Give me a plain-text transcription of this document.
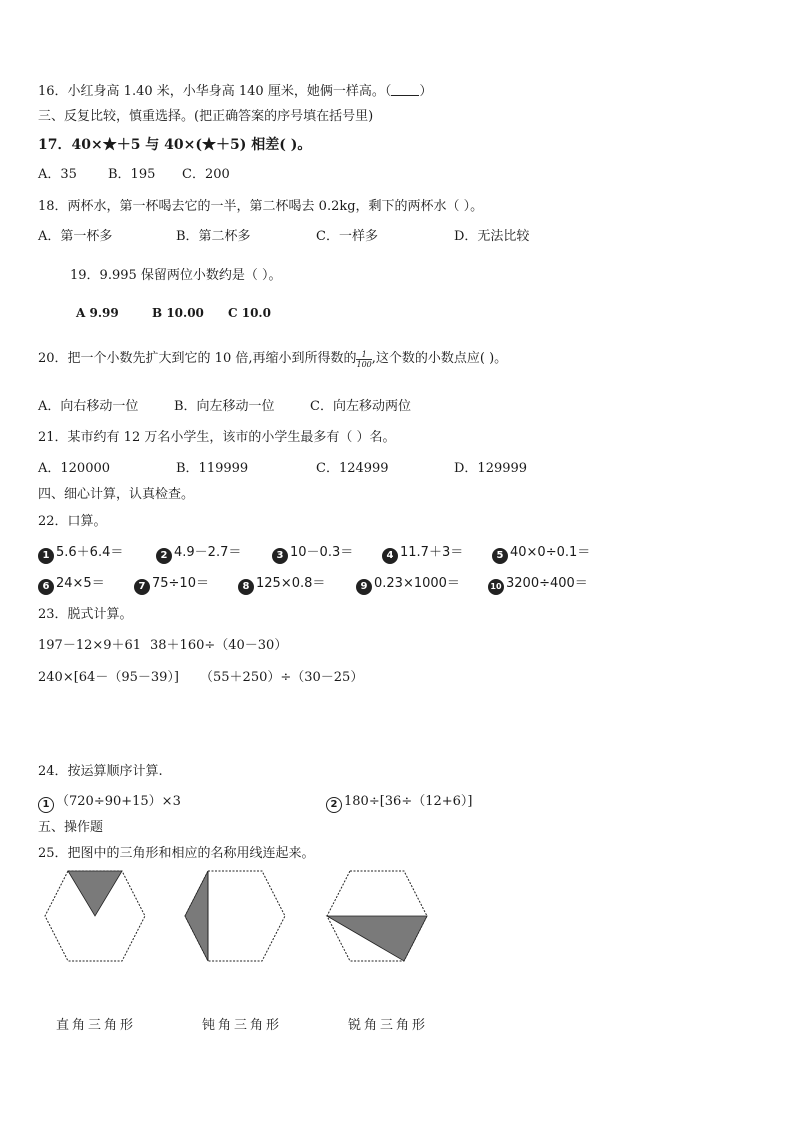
16．小红身高 1.40 米，小华身高 140 厘米，她俩一样高。（ ）
三、反复比较，慎重选择。(把正确答案的序号填在括号里)
17．40×★＋5 与 40×(★＋5) 相差( )。
A．35 B．195 C．200
18．两杯水，第一杯喝去它的一半，第二杯喝去 0.2kg，剩下的两杯水（ ）。
A．第一杯多	B．第二杯多	C．一样多	D．无法比较
19．9.995 保留两位小数约是（ ）。
A 9.99	B 10.00 C 10.0
20．把一个小数先扩大到它的 10 倍,再缩小到所得数的 $\frac{1}{100}$ ,这个数的小数点应( )。
A．向右移动一位	B．向左移动一位	C．向左移动两位
21．某市约有 12 万名小学生，该市的小学生最多有（ ）名。
A．120000	B．119999	C．124999	D．129999
四、细心计算，认真检查。
22．口算。
1 5.6＋6.4＝	2 4.9－2.7＝	3 10－0.3＝	4 11.7＋3＝	5 40×0÷0.1＝
6 24×5＝	7 75÷10＝	8 125×0.8＝	9 0.23×1000＝	10 3200÷400＝
23．脱式计算。
197－12×9＋61 38＋160÷（40－30）
240×[64－（95－39）] （55＋250）÷（30－25）
24．按运算顺序计算.
1 （720÷90+15）×3	2 180÷[36÷（12+6）]
五、操作题
25．把图中的三角形和相应的名称用线连起来。
直角三角形	钝角三角形	锐角三角形
